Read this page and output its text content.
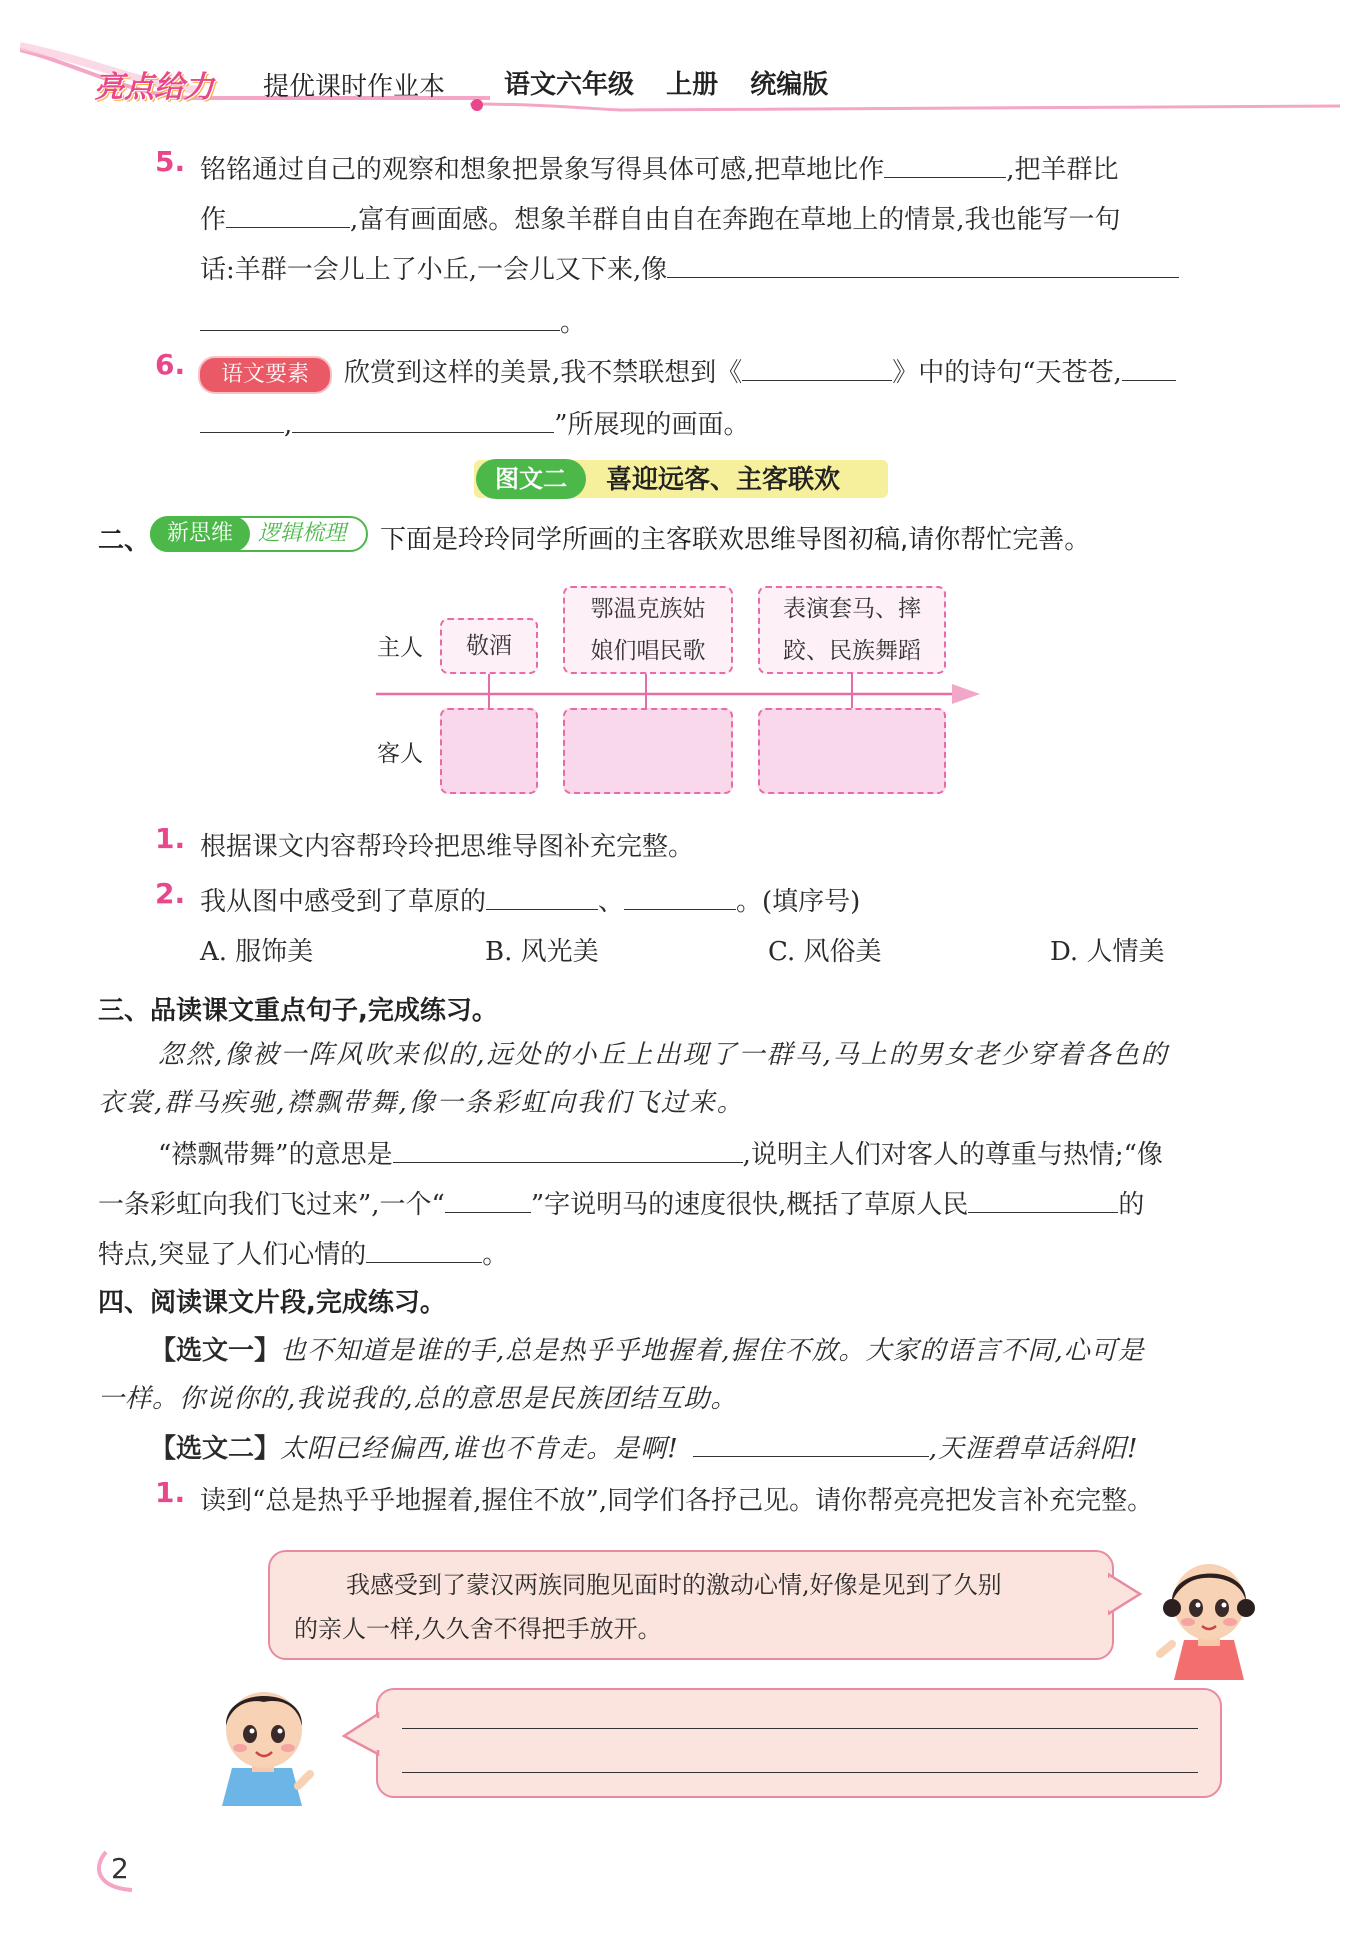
亮点给力 提优课时作业本 语文六年级 上册 统编版
5. 铭铭通过自己的观察和想象把景象写得具体可感,把草地比作	,把羊群比
作	,富有画面感。想象羊群自由自在奔跑在草地上的情景,我也能写一句
话:羊群一会儿上了小丘,一会儿又下来,像
。
6.	语文要素	欣赏到这样的美景,我不禁联想到《	》中的诗句“天苍苍,
,	”所展现的画面。
图文二	喜迎远客、主客联欢
二、 新思维	逻辑梳理 下面是玲玲同学所画的主客联欢思维导图初稿,请你帮忙完善。
主人
客人
敬酒
鄂温克族姑
娘们唱民歌
表演套马、摔
跤、民族舞蹈
1. 根据课文内容帮玲玲把思维导图补充完整。
2. 我从图中感受到了草原的	、	。(填序号)
A. 服饰美	B. 风光美	C. 风俗美	D. 人情美
三、品读课文重点句子,完成练习。
忽然,像被一阵风吹来似的,远处的小丘上出现了一群马,马上的男女老少穿着各色的
衣裳,群马疾驰,襟飘带舞,像一条彩虹向我们飞过来。
“襟飘带舞”的意思是	,说明主人们对客人的尊重与热情;“像
一条彩虹向我们飞过来”,一个“	”字说明马的速度很快,概括了草原人民	的
特点,突显了人们心情的	。
四、阅读课文片段,完成练习。
【选文一】也不知道是谁的手,总是热乎乎地握着,握住不放。大家的语言不同,心可是
一样。你说你的,我说我的,总的意思是民族团结互助。
【选文二】太阳已经偏西,谁也不肯走。是啊!	,天涯碧草话斜阳!
1. 读到“总是热乎乎地握着,握住不放”,同学们各抒己见。请你帮亮亮把发言补充完整。
我感受到了蒙汉两族同胞见面时的激动心情,好像是见到了久别
的亲人一样,久久舍不得把手放开。
2
